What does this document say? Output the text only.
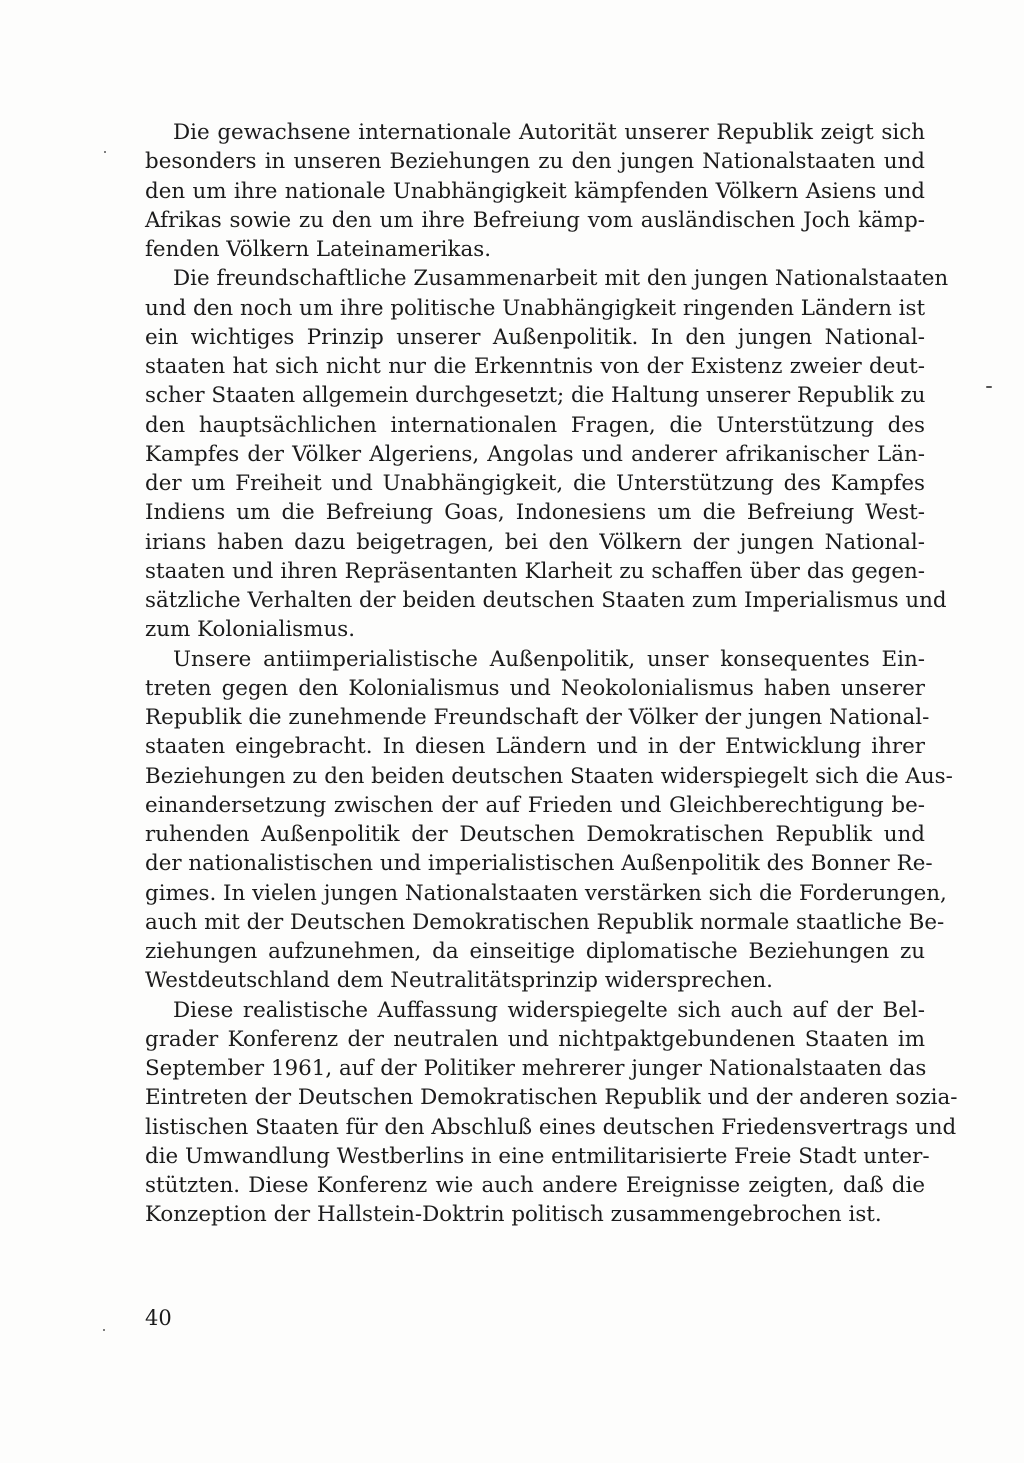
Die gewachsene internationale Autorität unserer Republik zeigt sich
besonders in unseren Beziehungen zu den jungen Nationalstaaten und
den um ihre nationale Unabhängigkeit kämpfenden Völkern Asiens und
Afrikas sowie zu den um ihre Befreiung vom ausländischen Joch kämp-
fenden Völkern Lateinamerikas.

Die freundschaftliche Zusammenarbeit mit den jungen Nationalstaaten
und den noch um ihre politische Unabhängigkeit ringenden Ländern ist
ein wichtiges Prinzip unserer Außenpolitik. In den jungen National-
staaten hat sich nicht nur die Erkenntnis von der Existenz zweier deut-
scher Staaten allgemein durchgesetzt; die Haltung unserer Republik zu
den hauptsächlichen internationalen Fragen, die Unterstützung des
Kampfes der Völker Algeriens, Angolas und anderer afrikanischer Län-
der um Freiheit und Unabhängigkeit, die Unterstützung des Kampfes
Indiens um die Befreiung Goas, Indonesiens um die Befreiung West-
irians haben dazu beigetragen, bei den Völkern der jungen National-
staaten und ihren Repräsentanten Klarheit zu schaffen über das gegen-
sätzliche Verhalten der beiden deutschen Staaten zum Imperialismus und
zum Kolonialismus.

Unsere antiimperialistische Außenpolitik, unser konsequentes Ein-
treten gegen den Kolonialismus und Neokolonialismus haben unserer
Republik die zunehmende Freundschaft der Völker der jungen National-
staaten eingebracht. In diesen Ländern und in der Entwicklung ihrer
Beziehungen zu den beiden deutschen Staaten widerspiegelt sich die Aus-
einandersetzung zwischen der auf Frieden und Gleichberechtigung be-
ruhenden Außenpolitik der Deutschen Demokratischen Republik und
der nationalistischen und imperialistischen Außenpolitik des Bonner Re-
gimes. In vielen jungen Nationalstaaten verstärken sich die Forderungen,
auch mit der Deutschen Demokratischen Republik normale staatliche Be-
ziehungen aufzunehmen, da einseitige diplomatische Beziehungen zu
Westdeutschland dem Neutralitätsprinzip widersprechen.

Diese realistische Auffassung widerspiegelte sich auch auf der Bel-
grader Konferenz der neutralen und nichtpaktgebundenen Staaten im
September 1961, auf der Politiker mehrerer junger Nationalstaaten das
Eintreten der Deutschen Demokratischen Republik und der anderen sozia-
listischen Staaten für den Abschluß eines deutschen Friedensvertrags und
die Umwandlung Westberlins in eine entmilitarisierte Freie Stadt unter-
stützten. Diese Konferenz wie auch andere Ereignisse zeigten, daß die
Konzeption der Hallstein-Doktrin politisch zusammengebrochen ist.

40
